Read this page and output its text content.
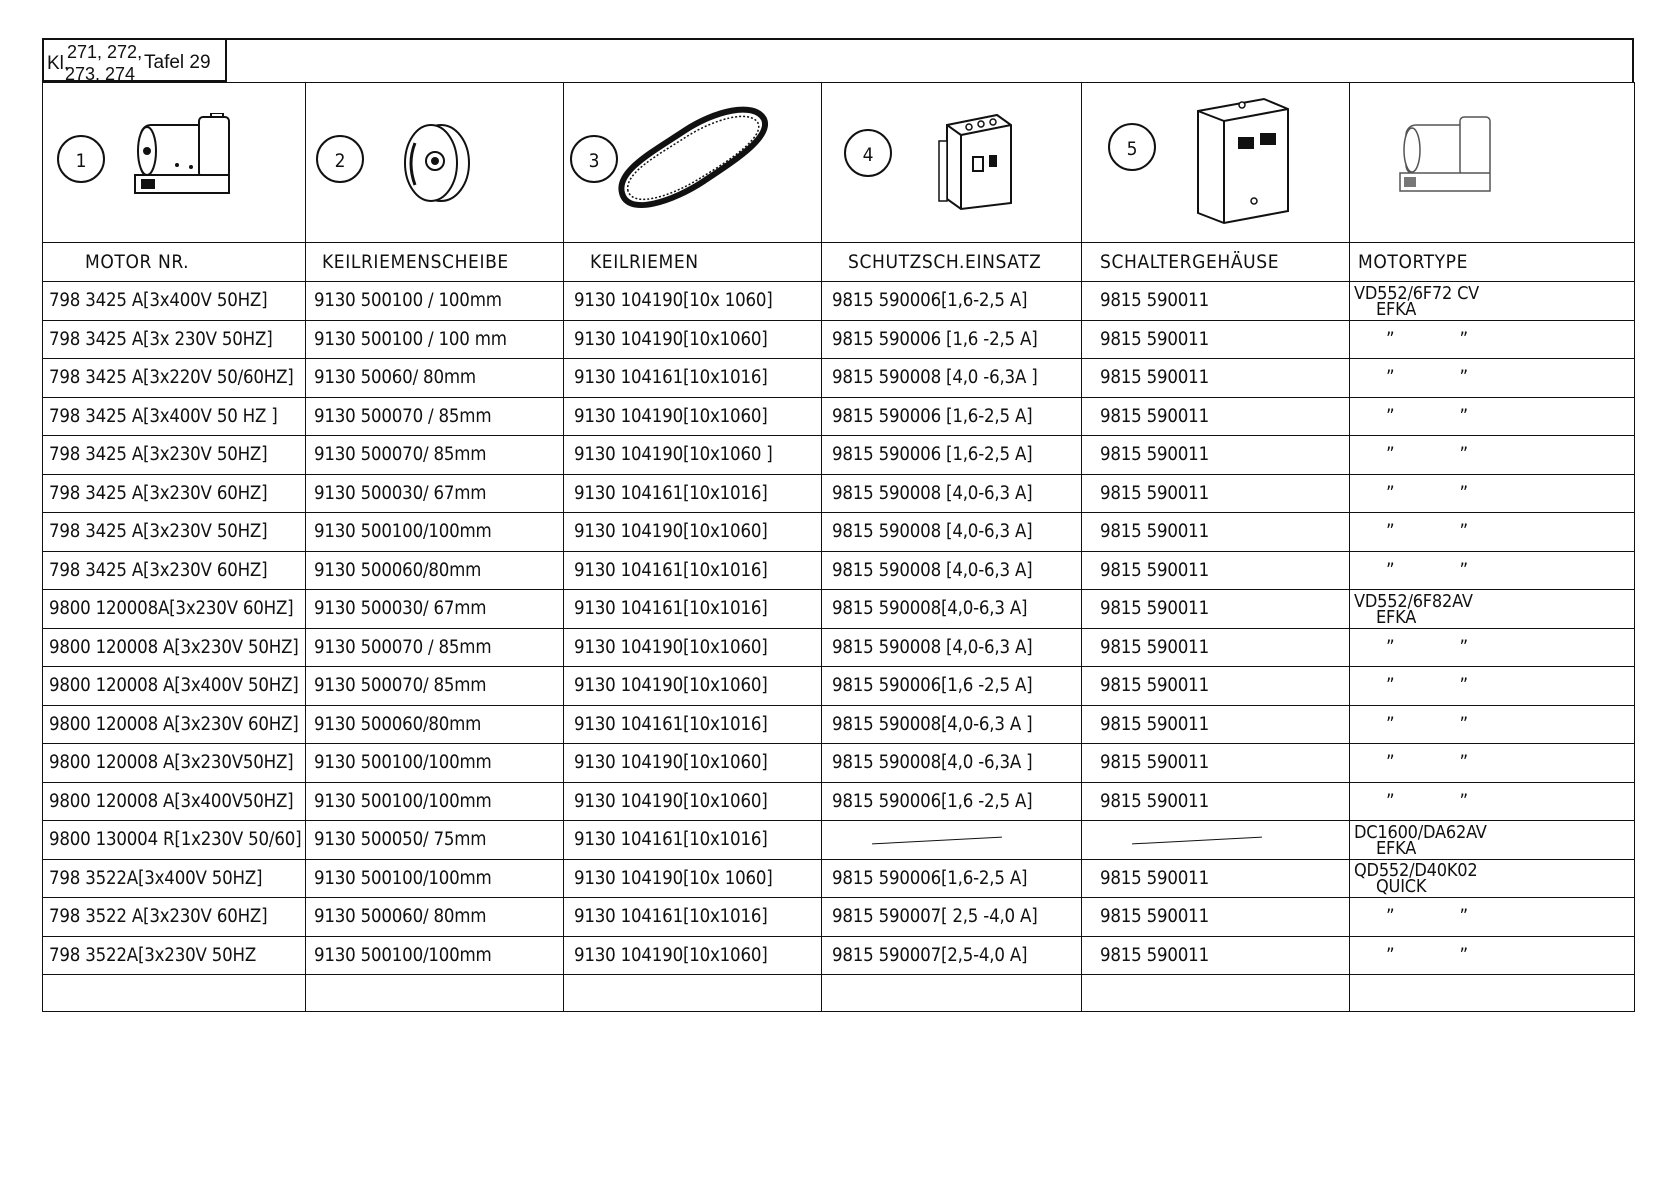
Kl.
271, 272,
273, 274
Tafel 29
1	2	3	4	5

MOTOR NR.	KEILRIEMENSCHEIBE	KEILRIEMEN	SCHUTZSCH.EINSATZ	SCHALTERGEHÄUSE	MOTORTYPE
798 3425 A[3x400V 50HZ]	9130 500100 / 100mm	9130 104190[10x 1060]	9815 590006[1,6-2,5 A]	9815 590011	VD552/6F72 CV
EFKA

798 3425 A[3x 230V 50HZ]	9130 500100 / 100 mm	9130 104190[10x1060]	9815 590006 [1,6 -2,5 A]	9815 590011	” ”
798 3425 A[3x220V 50/60HZ]	9130 50060/ 80mm	9130 104161[10x1016]	9815 590008 [4,0 -6,3A ]	9815 590011	” ”
798 3425 A[3x400V 50 HZ ]	9130 500070 / 85mm	9130 104190[10x1060]	9815 590006 [1,6-2,5 A]	9815 590011	” ”
798 3425 A[3x230V 50HZ]	9130 500070/ 85mm	9130 104190[10x1060 ]	9815 590006 [1,6-2,5 A]	9815 590011	” ”
798 3425 A[3x230V 60HZ]	9130 500030/ 67mm	9130 104161[10x1016]	9815 590008 [4,0-6,3 A]	9815 590011	” ”
798 3425 A[3x230V 50HZ]	9130 500100/100mm	9130 104190[10x1060]	9815 590008 [4,0-6,3 A]	9815 590011	” ”
798 3425 A[3x230V 60HZ]	9130 500060/80mm	9130 104161[10x1016]	9815 590008 [4,0-6,3 A]	9815 590011	” ”
9800 120008A[3x230V 60HZ]	9130 500030/ 67mm	9130 104161[10x1016]	9815 590008[4,0-6,3 A]	9815 590011	VD552/6F82AV
EFKA

9800 120008 A[3x230V 50HZ]	9130 500070 / 85mm	9130 104190[10x1060]	9815 590008 [4,0-6,3 A]	9815 590011	” ”
9800 120008 A[3x400V 50HZ]	9130 500070/ 85mm	9130 104190[10x1060]	9815 590006[1,6 -2,5 A]	9815 590011	” ”
9800 120008 A[3x230V 60HZ]	9130 500060/80mm	9130 104161[10x1016]	9815 590008[4,0-6,3 A ]	9815 590011	” ”
9800 120008 A[3x230V50HZ]	9130 500100/100mm	9130 104190[10x1060]	9815 590008[4,0 -6,3A ]	9815 590011	” ”
9800 120008 A[3x400V50HZ]	9130 500100/100mm	9130 104190[10x1060]	9815 590006[1,6 -2,5 A]	9815 590011	” ”
9800 130004 R[1x230V 50/60]	9130 500050/ 75mm	9130 104161[10x1016]			DC1600/DA62AV
EFKA

798 3522A[3x400V 50HZ]	9130 500100/100mm	9130 104190[10x 1060]	9815 590006[1,6-2,5 A]	9815 590011	QD552/D40K02
QUICK

798 3522 A[3x230V 60HZ]	9130 500060/ 80mm	9130 104161[10x1016]	9815 590007[ 2,5 -4,0 A]	9815 590011	” ”
798 3522A[3x230V 50HZ	9130 500100/100mm	9130 104190[10x1060]	9815 590007[2,5-4,0 A]	9815 590011	” ”
